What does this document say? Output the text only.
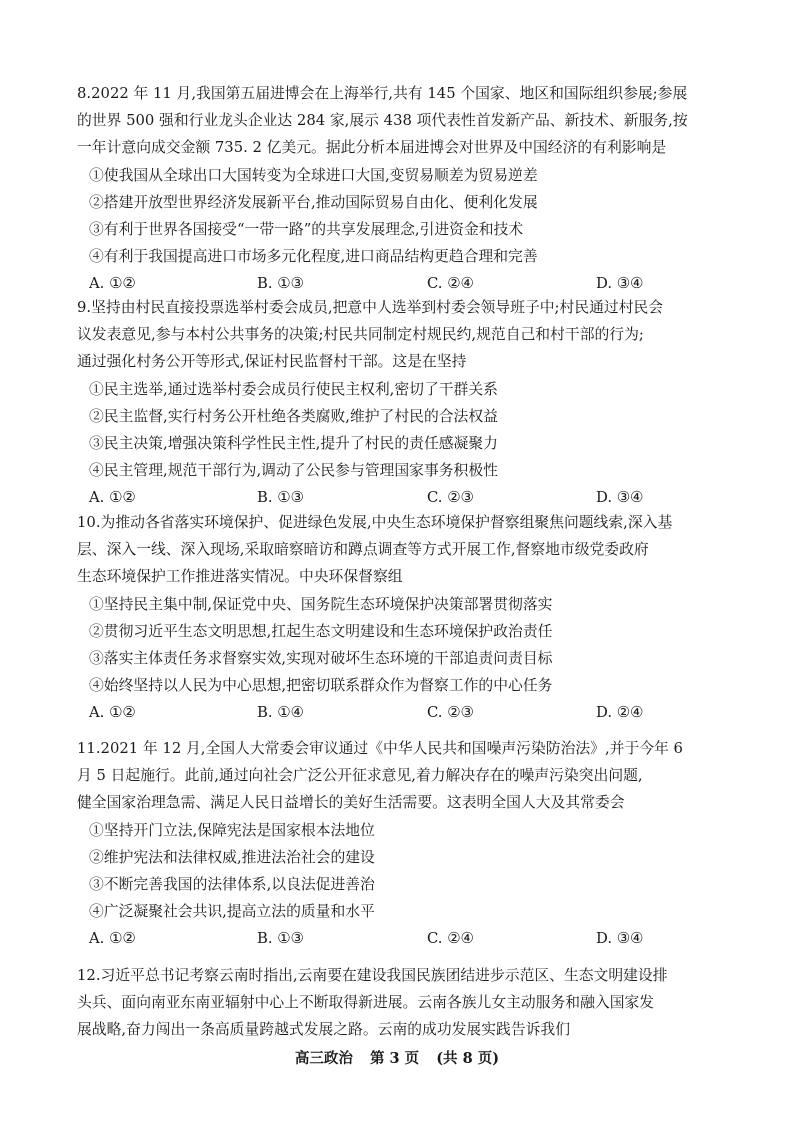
8.2022 年 11 月,我国第五届进博会在上海举行,共有 145 个国家、地区和国际组织参展;参展
的世界 500 强和行业龙头企业达 284 家,展示 438 项代表性首发新产品、新技术、新服务,按
一年计意向成交金额 735. 2 亿美元。据此分析本届进博会对世界及中国经济的有利影响是
①使我国从全球出口大国转变为全球进口大国,变贸易顺差为贸易逆差
②搭建开放型世界经济发展新平台,推动国际贸易自由化、便利化发展
③有利于世界各国接受“一带一路”的共享发展理念,引进资金和技术
④有利于我国提高进口市场多元化程度,进口商品结构更趋合理和完善
A. ①②	B. ①③	C. ②④	D. ③④
9.坚持由村民直接投票选举村委会成员,把意中人选举到村委会领导班子中;村民通过村民会
议发表意见,参与本村公共事务的决策;村民共同制定村规民约,规范自己和村干部的行为;
通过强化村务公开等形式,保证村民监督村干部。这是在坚持
①民主选举,通过选举村委会成员行使民主权利,密切了干群关系
②民主监督,实行村务公开杜绝各类腐败,维护了村民的合法权益
③民主决策,增强决策科学性民主性,提升了村民的责任感凝聚力
④民主管理,规范干部行为,调动了公民参与管理国家事务积极性
A. ①②	B. ①③	C. ②③	D. ③④
10.为推动各省落实环境保护、促进绿色发展,中央生态环境保护督察组聚焦问题线索,深入基
层、深入一线、深入现场,采取暗察暗访和蹲点调查等方式开展工作,督察地市级党委政府
生态环境保护工作推进落实情况。中央环保督察组
①坚持民主集中制,保证党中央、国务院生态环境保护决策部署贯彻落实
②贯彻习近平生态文明思想,扛起生态文明建设和生态环境保护政治责任
③落实主体责任务求督察实效,实现对破坏生态环境的干部追责问责目标
④始终坚持以人民为中心思想,把密切联系群众作为督察工作的中心任务
A. ①②	B. ①④	C. ②③	D. ②④
11.2021 年 12 月,全国人大常委会审议通过《中华人民共和国噪声污染防治法》,并于今年 6
月 5 日起施行。此前,通过向社会广泛公开征求意见,着力解决存在的噪声污染突出问题,
健全国家治理急需、满足人民日益增长的美好生活需要。这表明全国人大及其常委会
①坚持开门立法,保障宪法是国家根本法地位
②维护宪法和法律权威,推进法治社会的建设
③不断完善我国的法律体系,以良法促进善治
④广泛凝聚社会共识,提高立法的质量和水平
A. ①②	B. ①③	C. ②④	D. ③④
12.习近平总书记考察云南时指出,云南要在建设我国民族团结进步示范区、生态文明建设排
头兵、面向南亚东南亚辐射中心上不断取得新进展。云南各族儿女主动服务和融入国家发
展战略,奋力闯出一条高质量跨越式发展之路。云南的成功发展实践告诉我们
高三政治 第 3 页 (共 8 页)
